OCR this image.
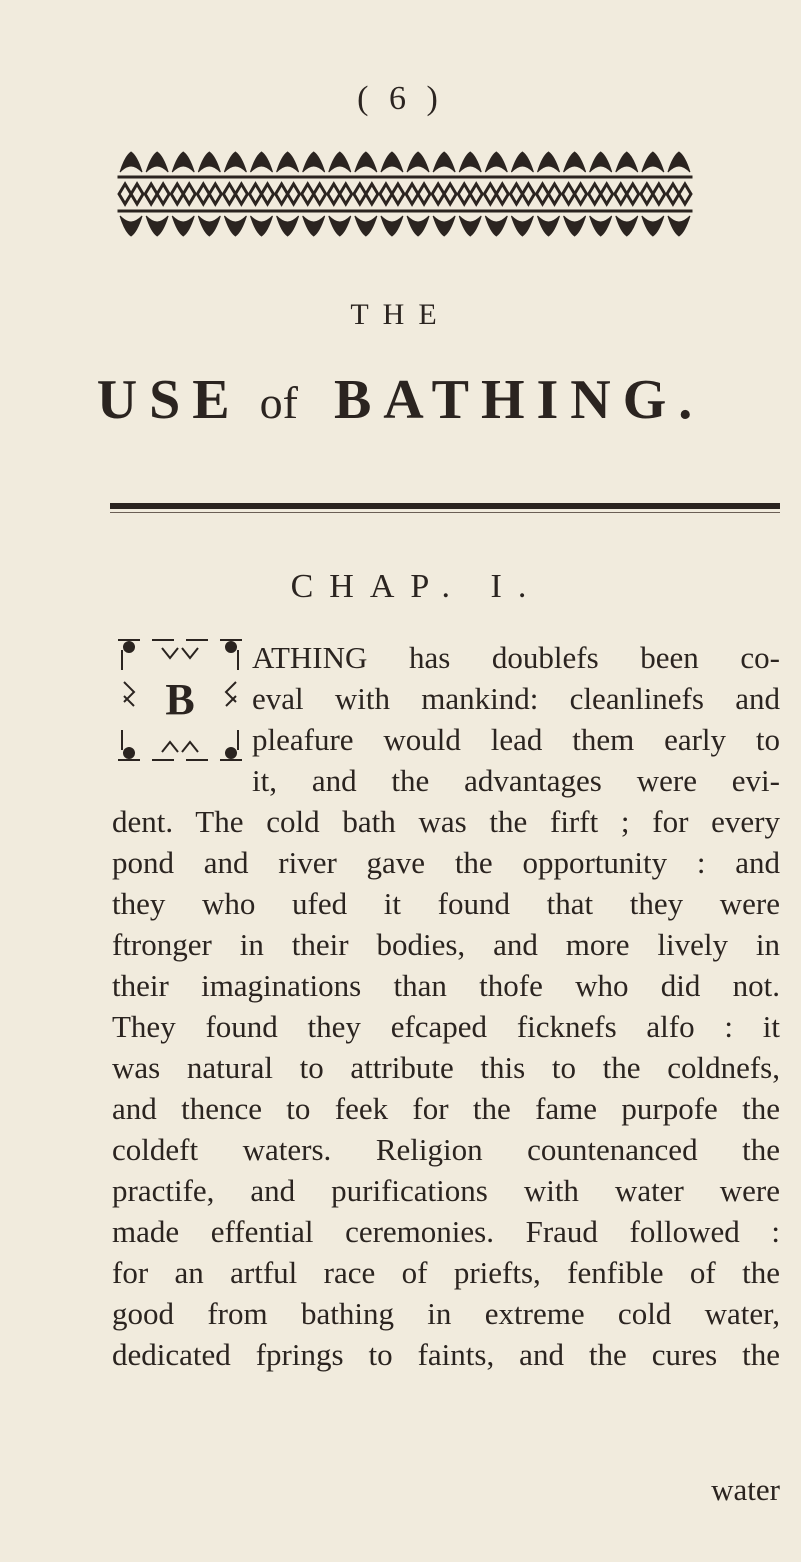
( 6 )
THE
USE of BATHING.
CHAP. I.
B
ATHING has doublefs been co-
eval with mankind: cleanlinefs and
pleafure would lead them early to
it, and the advantages were evi-
dent. The cold bath was the firft ; for every
pond and river gave the opportunity : and
they who ufed it found that they were
ftronger in their bodies, and more lively in
their imaginations than thofe who did not.
They found they efcaped ficknefs alfo : it
was natural to attribute this to the coldnefs,
and thence to feek for the fame purpofe the
coldeft waters. Religion countenanced the
practife, and purifications with water were
made effential ceremonies. Fraud followed :
for an artful race of priefts, fenfible of the
good from bathing in extreme cold water,
dedicated fprings to faints, and the cures the
water
